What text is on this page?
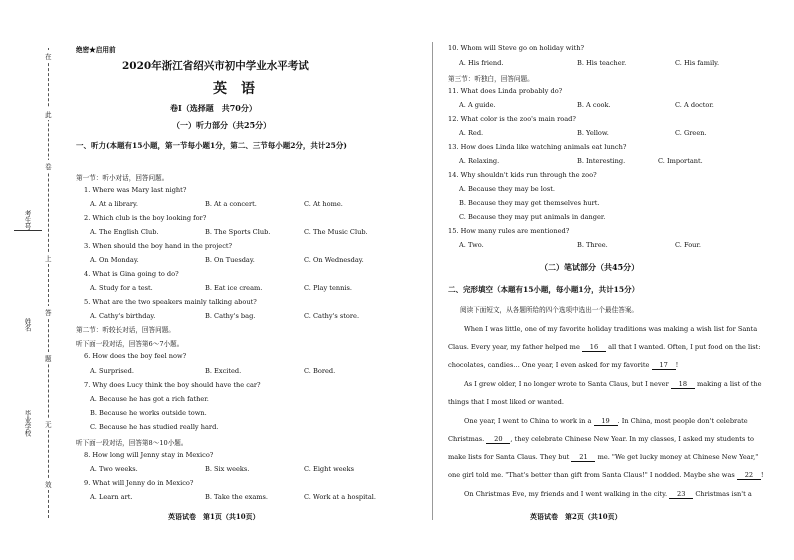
在
此
卷
上
答
题
无
效
考生号
姓名
毕业学校
绝密★启用前
2020年浙江省绍兴市初中学业水平考试
英　语
卷Ⅰ（选择题　共70分）
（一）听力部分（共25分）
一、听力(本题有15小题，第一节每小题1分，第二、三节每小题2分，共计25分)
第一节：听小对话，回答问题。
1. Where was Mary last night?
A. At a library.	B. At a concert.	C. At home.
2. Which club is the boy looking for?
A. The English Club.	B. The Sports Club.	C. The Music Club.
3. When should the boy hand in the project?
A. On Monday.	B. On Tuesday.	C. On Wednesday.
4. What is Gina going to do?
A. Study for a test.	B. Eat ice cream.	C. Play tennis.
5. What are the two speakers mainly talking about?
A. Cathy's birthday.	B. Cathy's bag.	C. Cathy's store.
第二节：听较长对话，回答问题。
听下面一段对话，回答第6～7小题。
6. How does the boy feel now?
A. Surprised.	B. Excited.	C. Bored.
7. Why does Lucy think the boy should have the car?
A. Because he has got a rich father.
B. Because he works outside town.
C. Because he has studied really hard.
听下面一段对话，回答第8～10小题。
8. How long will Jenny stay in Mexico?
A. Two weeks.	B. Six weeks.	C. Eight weeks
9. What will Jenny do in Mexico?
A. Learn art.	B. Take the exams.	C. Work at a hospital.
英语试卷　第1页（共10页）
10. Whom will Steve go on holiday with?
A. His friend.	B. His teacher.	C. His family.
第三节：听独白，回答问题。
11. What does Linda probably do?
A. A guide.	B. A cook.	C. A doctor.
12. What color is the zoo's main road?
A. Red.	B. Yellow.	C. Green.
13. How does Linda like watching animals eat lunch?
A. Relaxing.	B. Interesting.	C. Important.
14. Why shouldn't kids run through the zoo?
A. Because they may be lost.
B. Because they may get themselves hurt.
C. Because they may put animals in danger.
15. How many rules are mentioned?
A. Two.	B. Three.	C. Four.
（二）笔试部分（共45分）
二、完形填空（本题有15小题，每小题1分，共计15分）
阅读下面短文，从各题所给的四个选项中选出一个最佳答案。
When I was little, one of my favorite holiday traditions was making a wish list for Santa
Claus. Every year, my father helped me 16 all that I wanted. Often, I put food on the list:
chocolates, candies… One year, I even asked for my favorite 17 !
As I grew older, I no longer wrote to Santa Claus, but I never 18 making a list of the
things that I most liked or wanted.
One year, I went to China to work in a 19 . In China, most people don't celebrate
Christmas. 20 , they celebrate Chinese New Year. In my classes, I asked my students to
make lists for Santa Claus. They but 21 me. "We get lucky money at Chinese New Year,"
one girl told me. "That's better than gift from Santa Claus!" I nodded. Maybe she was 22 !
On Christmas Eve, my friends and I went walking in the city. 23 Christmas isn't a
英语试卷　第2页（共10页）
